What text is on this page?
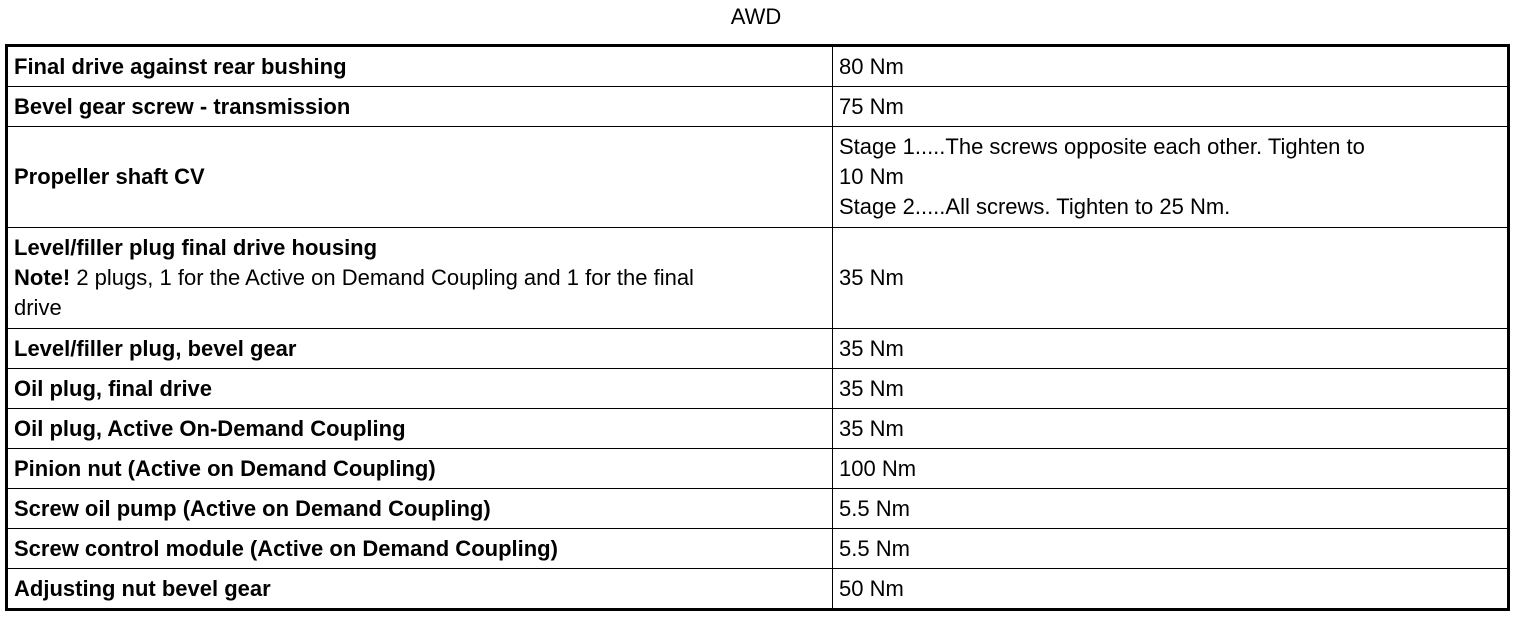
AWD
Final drive against rear bushing	80 Nm
Bevel gear screw - transmission	75 Nm
Propeller shaft CV	Stage 1.....The screws opposite each other. Tighten to
10 Nm
Stage 2.....All screws. Tighten to 25 Nm.

Level/filler plug final drive housing
Note! 2 plugs, 1 for the Active on Demand Coupling and 1 for the final
drive	35 Nm
Level/filler plug, bevel gear	35 Nm
Oil plug, final drive	35 Nm
Oil plug, Active On-Demand Coupling	35 Nm
Pinion nut (Active on Demand Coupling)	100 Nm
Screw oil pump (Active on Demand Coupling)	5.5 Nm
Screw control module (Active on Demand Coupling)	5.5 Nm
Adjusting nut bevel gear	50 Nm
